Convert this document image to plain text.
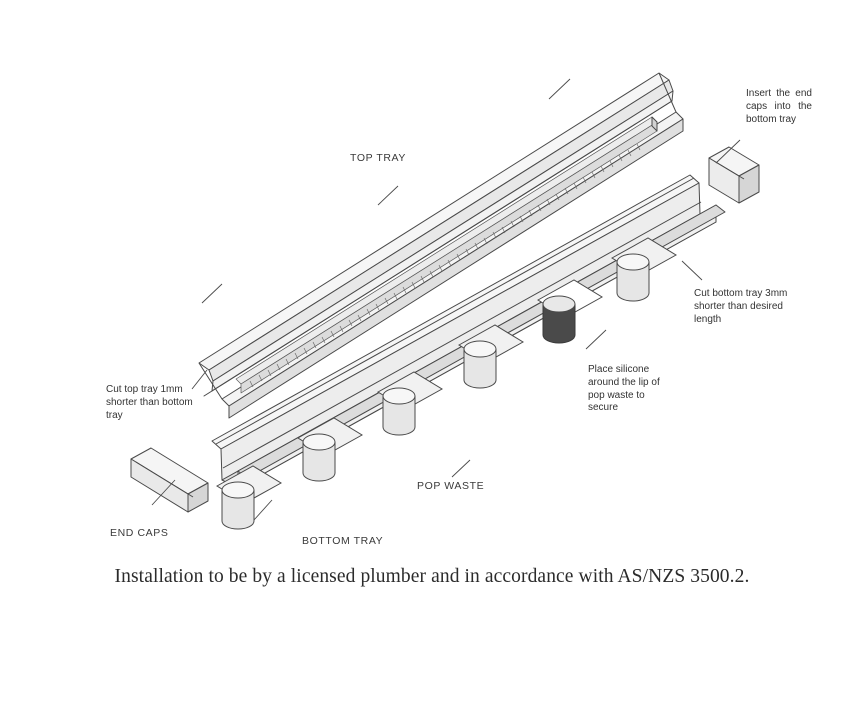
Insert the end caps into the bottom tray
TOP TRAY
Cut bottom tray 3mm shorter than desired length
Cut top tray 1mm shorter than bottom tray
Place silicone around the lip of pop waste to secure
POP WASTE
END CAPS
BOTTOM TRAY
Installation to be by a licensed plumber and in accordance with AS/NZS 3500.2.
